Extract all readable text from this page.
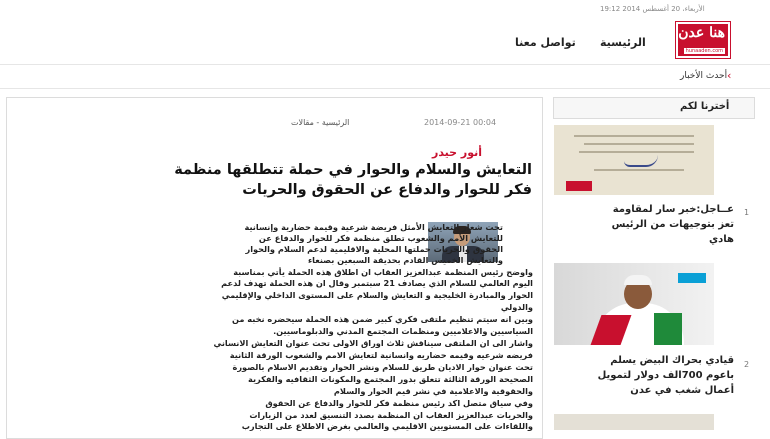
الأربعاء، 20 أغسطس 2014 19:12
هنا عدن
hunaaden.com
الرئيسية
تواصل معنا
‹
أحدث الأخبار
2014-09-21 00:04
الرئيسية - مقالات
أنور حيدر
التعايش والسلام والحوار في حملة تتطلقها منظمة
فكر للحوار والدفاع عن الحقوق والحريات
تحت شعار التعايش الأمثل فريضة شرعية وقيمة حضارية وإنسانية
للتعايش الأمم والشعوب تطلق منظمة فكر للحوار والدفاع عن
الحقوق والحريات حملتها المحلية والاقليمية لدعم السلام والحوار
والتعايش الخميس القادم بحديقة السبعين بصنعاء
واوضح رئيس المنظمة عبدالعزيز العقاب ان اطلاق هذه الحملة يأتي بمناسبة
اليوم العالمي للسلام الذي يصادف 21 سبتمبر وقال ان هذه الحملة تهدف لدعم
الحوار والمبادرة الخليجية و التعايش والسلام على المستوى الداخلي والإقليمي
والدولي
وبين انه سيتم تنظيم ملتقى فكري كبير ضمن هذه الحملة سيحضره نخبه من
السياسيين والاعلاميين ومنظمات المجتمع المدني والدبلوماسيين.
واشار الى ان الملتقى سيناقش ثلاث اوراق الاولى تحت عنوان التعايش الانساني
فريضه شرعيه وقيمه حضاريه وانسانية لتعايش الامم والشعوب الورقة الثانية
تحت عنوان حوار الاديان طريق للسلام ونشر الحوار وتقديم الاسلام بالصورة
الصحيحة الورقة الثالثة تتعلق بدور المجتمع والمكونات الثقافيه والفكرية
والحقوقية والاعلامية في نشر قيم الحوار والسلام
وفي سياق متصل اكد رئيس منظمة فكر للحوار والدفاع عن الحقوق
والحريات عبدالعزيز العقاب ان المنظمة بصدد التنسيق لعدد من الزيارات
واللقاءات على المستويين الاقليمي والعالمي بغرض الاطلاع على التجارب
أخترنا لكم
1
عــاجل:خبر سار لمقاومة
تعز بتوجيهات من الرئيس
هادي
2
قيادي بحراك البيض يسلم
باعوم 700الف دولار لتمويل
أعمال شغب في عدن
